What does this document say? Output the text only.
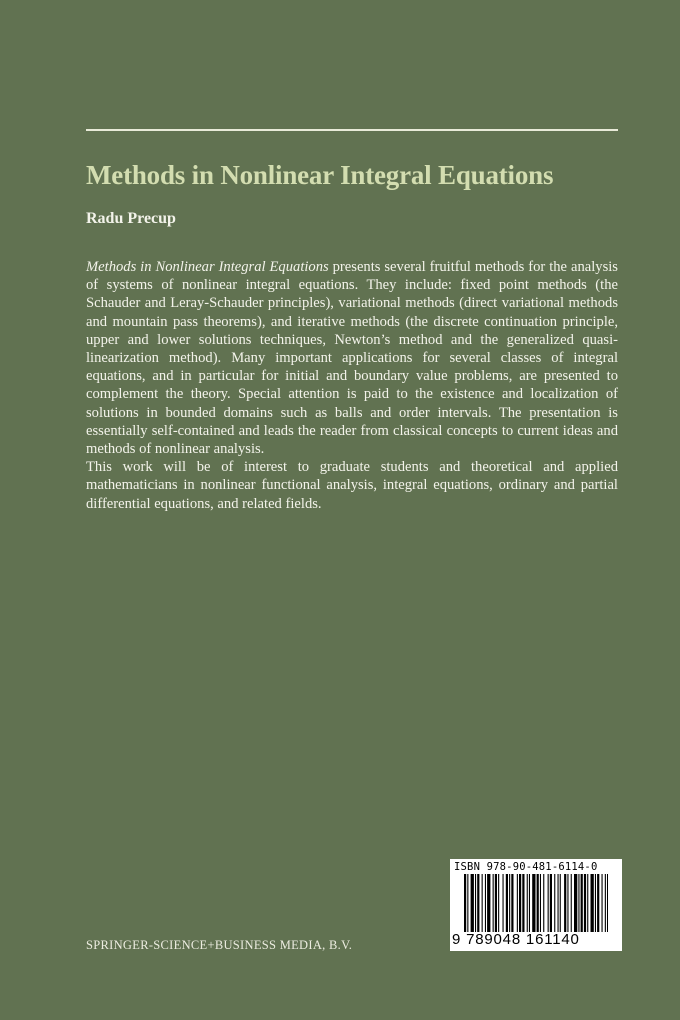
Methods in Nonlinear Integral Equations

Radu Precup

Methods in Nonlinear Integral Equations presents several fruitful methods for the analysis of systems of nonlinear integral equations. They include: fixed point methods (the Schauder and Leray-Schauder principles), variational methods (direct variational methods and mountain pass theorems), and iterative methods (the discrete continuation principle, upper and lower solutions techniques, Newton’s method and the generalized quasi-linearization method). Many important applications for several classes of integral equations, and in particular for initial and boundary value problems, are presented to complement the theory. Special attention is paid to the existence and localization of solutions in bounded domains such as balls and order intervals. The presentation is essentially self-contained and leads the reader from classical concepts to current ideas and methods of nonlinear analysis.

This work will be of interest to graduate students and theoretical and applied mathematicians in nonlinear functional analysis, integral equations, ordinary and partial differential equations, and related fields.

SPRINGER-SCIENCE+BUSINESS MEDIA, B.V.

ISBN 978-90-481-6114-0
9 789048 161140
